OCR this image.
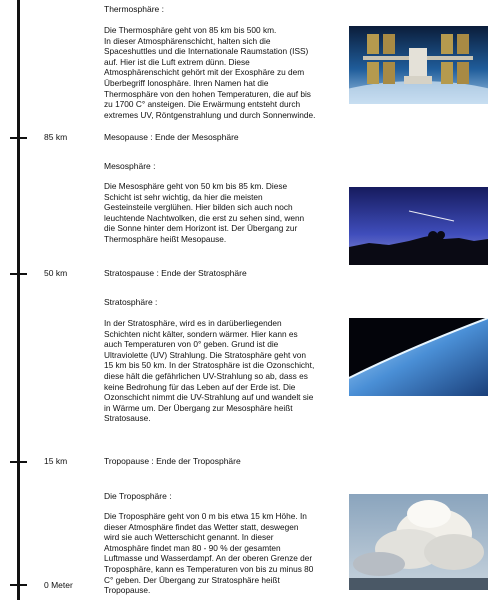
85 km
50 km
15 km
0 Meter
Mesopause : Ende der Mesosphäre
Stratospause : Ende der Stratosphäre
Tropopause : Ende der Troposphäre
Thermosphäre :
Die Thermosphäre geht von 85 km bis 500 km.
In dieser Atmosphärenschicht, halten sich die
Spaceshuttles und die Internationale Raumstation (ISS)
auf. Hier ist die Luft extrem dünn. Diese
Atmosphärenschicht gehört mit der Exosphäre zu dem
Überbegriff Ionosphäre. Ihren Namen hat die
Thermosphäre von den hohen Temperaturen, die auf bis
zu 1700 C° ansteigen. Die Erwärmung entsteht durch
extremes UV, Röntgenstrahlung und durch Sonnenwinde.
Mesosphäre :
Die Mesosphäre geht von 50 km bis 85 km. Diese
Schicht ist sehr wichtig, da hier die meisten
Gesteinsteile verglühen. Hier bilden sich auch noch
leuchtende Nachtwolken, die erst zu sehen sind, wenn
die Sonne hinter dem Horizont ist. Der Übergang zur
Thermosphäre heißt Mesopause.
Stratosphäre :
In der Stratosphäre, wird es in darüberliegenden
Schichten nicht kälter, sondern wärmer. Hier kann es
auch Temperaturen von 0° geben. Grund ist die
Ultraviolette (UV) Strahlung. Die Stratosphäre geht von
15 km bis 50 km. In der Stratosphäre ist die Ozonschicht,
diese hält die gefährlichen UV-Strahlung so ab, dass es
keine Bedrohung für das Leben auf der Erde ist. Die
Ozonschicht nimmt die UV-Strahlung auf und wandelt sie
in Wärme um. Der Übergang zur Mesosphäre heißt
Stratosause.
Die Troposphäre :
Die Troposphäre geht von 0 m bis etwa 15 km Höhe. In
dieser Atmosphäre findet das Wetter statt, deswegen
wird sie auch Wetterschicht genannt. In dieser
Atmosphäre findet man 80 - 90 % der gesamten
Luftmasse und Wasserdampf. An der oberen Grenze der
Troposphäre, kann es Temperaturen von bis zu minus 80
C° geben. Der Übergang zur Stratosphäre heißt
Tropopause.
